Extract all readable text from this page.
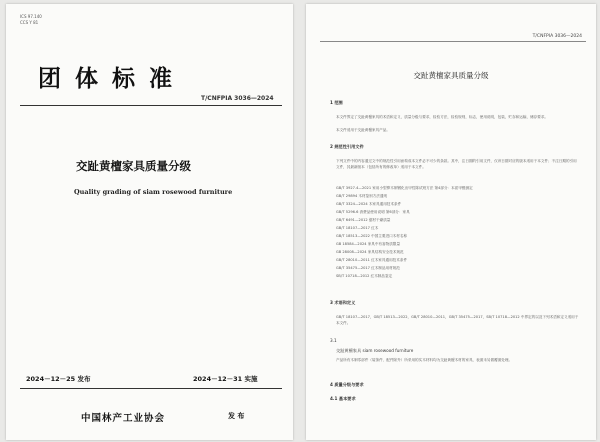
ICS 97.140
CCS Y 81
团体标准
T/CNFPIA 3036—2024
交趾黄檀家具质量分级
Quality grading of siam rosewood furniture
2024－12－25 发布	2024－12－31 实施
中国林产工业协会	发 布
T/CNFPIA 3036—2024
交趾黄檀家具质量分级
1 范围
本文件界定了交趾黄檀家具的术语和定义，质量分级与要求，检验方法，检验规则，标志，使用说明，包装，贮存和运输，储存要求。
本文件适用于交趾黄檀家具产品。
2 规范性引用文件
下列文件中的内容通过文中的规范性引用而构成本文件必不可少的条款。其中，注日期的引用文件，仅该日期对应的版本适用于本文件；不注日期的引用文件，其最新版本（包括所有的修改单）适用于本文件。
GB/T 3927.4—2021 家用小型棒木制钢化出甲性陈试班方法 第4部分：本质甲醛测定
GB/T 29894 木材鉴别方法通则
GB/T 3324—2024 木家具通用技术条件
GB/T 5296.6 消费品使用说明 第6部分：家具
GB/T 6491—2012 锯材干燥质量
GB/T 18107—2017 红木
GB/T 18513—2022 中国主要进口木材名称
GB 18584—2024 家具中有害物质限量
GB 28008—2024 家具结构安全技术规范
GB/T 28010—2011 红木家具通用技术条件
GB/T 35475—2017 红木制品用材规范
SB/T 10718—2012 红木制品鉴定
3 术语和定义
GB/T 18107—2017，GB/T 18513—2022，GB/T 28010—2011，GB/T 35475—2017，SB/T 10718—2012 中界定的以及下列术语和定义适用于本文件。
3.1
交趾黄檀家具 siam rosewood furniture
产品所有木制零部件（装饰件、配件除外）所采用的实木材料均为交趾黄檀木材的家具，表面未另做覆面处理。
4 质量分级与要求
4.1 基本要求
